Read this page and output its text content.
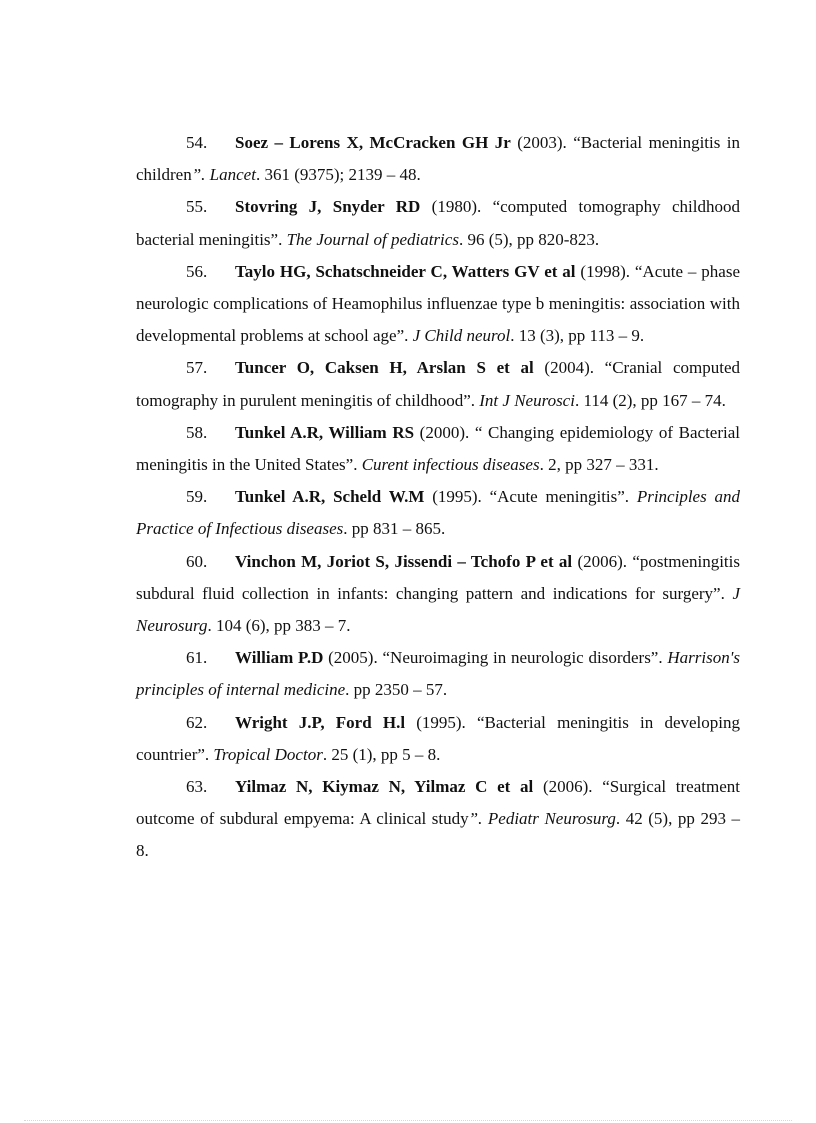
54. Soez – Lorens X, McCracken GH Jr (2003). “Bacterial meningitis in children”. Lancet. 361 (9375); 2139 – 48.

55. Stovring J, Snyder RD (1980). “computed tomography childhood bacterial meningitis”. The Journal of pediatrics. 96 (5), pp 820-823.

56. Taylo HG, Schatschneider C, Watters GV et al (1998). “Acute – phase neurologic complications of Heamophilus influenzae type b meningitis: association with developmental problems at school age”. J Child neurol. 13 (3), pp 113 – 9.

57. Tuncer O, Caksen H, Arslan S et al (2004). “Cranial computed tomography in purulent meningitis of childhood”. Int J Neurosci. 114 (2), pp 167 – 74.

58. Tunkel A.R, William RS (2000). “ Changing epidemiology of Bacterial meningitis in the United States”. Curent infectious diseases. 2, pp 327 – 331.

59. Tunkel A.R, Scheld W.M (1995). “Acute meningitis”. Principles and Practice of Infectious diseases. pp 831 – 865.

60. Vinchon M, Joriot S, Jissendi – Tchofo P et al (2006). “postmeningitis subdural fluid collection in infants: changing pattern and indications for surgery”. J Neurosurg. 104 (6), pp 383 – 7.

61. William P.D (2005). “Neuroimaging in neurologic disorders”. Harrison's principles of internal medicine. pp 2350 – 57.

62. Wright J.P, Ford H.l (1995). “Bacterial meningitis in developing countrier”. Tropical Doctor. 25 (1), pp 5 – 8.

63. Yilmaz N, Kiymaz N, Yilmaz C et al (2006). “Surgical treatment outcome of subdural empyema: A clinical study”. Pediatr Neurosurg. 42 (5), pp 293 – 8.
